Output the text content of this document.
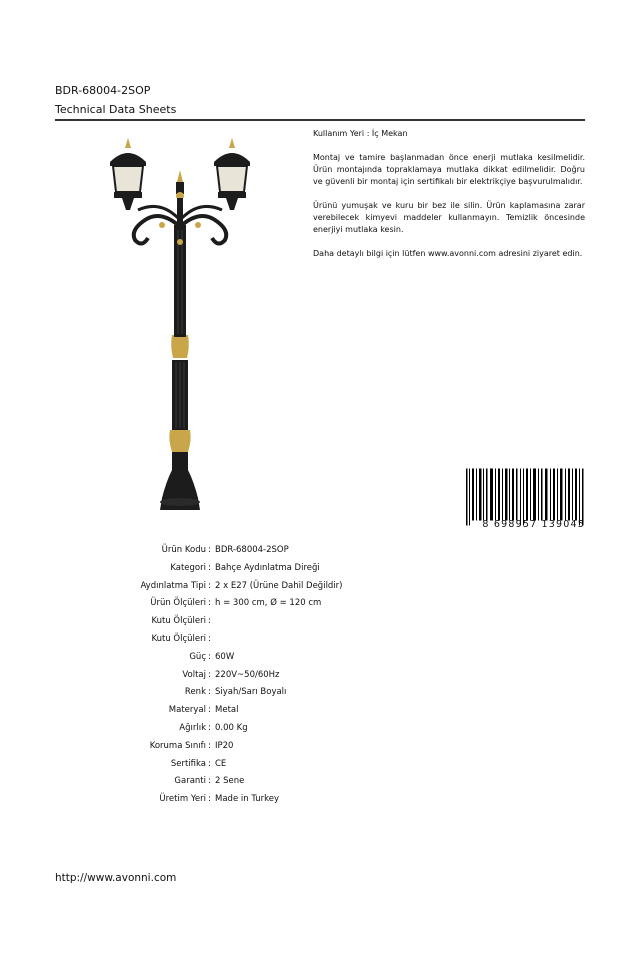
BDR-68004-2SOP
Technical Data Sheets

Kullanım Yeri : İç Mekan

Montaj ve tamire başlanmadan önce enerji mutlaka kesilmelidir. Ürün montajında topraklamaya mutlaka dikkat edilmelidir. Doğru ve güvenli bir montaj için sertifikalı bir elektrikçiye başvurulmalıdır.

Ürünü yumuşak ve kuru bir bez ile silin. Ürün kaplamasına zarar verebilecek kimyevi maddeler kullanmayın. Temizlik öncesinde enerjiyi mutlaka kesin.

Daha detaylı bilgi için lütfen www.avonni.com adresini ziyaret edin.

8 698957 139045
Ürün Kodu : BDR-68004-2SOP
Kategori : Bahçe Aydınlatma Direği
Aydınlatma Tipi : 2 x E27 (Ürüne Dahil Değildir)
Ürün Ölçüleri : h = 300 cm, Ø = 120 cm
Kutu Ölçüleri :
Kutu Ölçüleri :
Güç : 60W
Voltaj : 220V~50/60Hz
Renk : Siyah/Sarı Boyalı
Materyal : Metal
Ağırlık : 0.00 Kg
Koruma Sınıfı : IP20
Sertifika : CE
Garanti : 2 Sene
Üretim Yeri : Made in Turkey
http://www.avonni.com
